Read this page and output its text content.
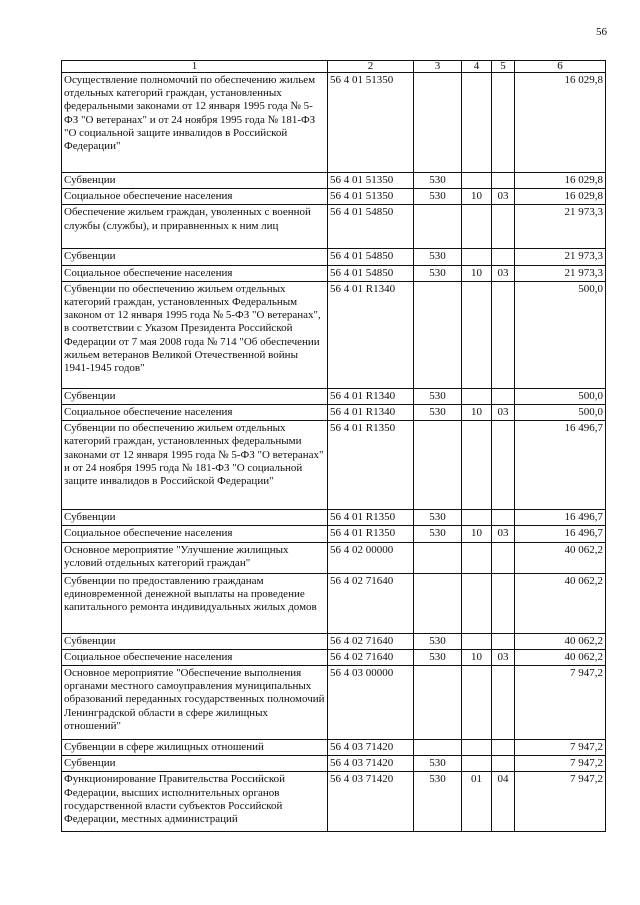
56
1	2	3	4	5	6
Осуществление полномочий по обеспечению жильем отдельных категорий граждан, установленных федеральными законами от 12 января 1995 года № 5-ФЗ "О ветеранах" и от 24 ноября 1995 года № 181-ФЗ "О социальной защите инвалидов в Российской Федерации"	56 4 01 51350				16 029,8
Субвенции	56 4 01 51350	530			16 029,8
Социальное обеспечение населения	56 4 01 51350	530	10	03	16 029,8
Обеспечение жильем граждан, уволенных с военной службы (службы), и приравненных к ним лиц	56 4 01 54850				21 973,3
Субвенции	56 4 01 54850	530			21 973,3
Социальное обеспечение населения	56 4 01 54850	530	10	03	21 973,3
Субвенции по обеспечению жильем отдельных категорий граждан, установленных Федеральным законом от 12 января 1995 года № 5-ФЗ "О ветеранах", в соответствии с Указом Президента Российской Федерации от 7 мая 2008 года № 714 "Об обеспечении жильем ветеранов Великой Отечественной войны 1941-1945 годов"	56 4 01 R1340				500,0
Субвенции	56 4 01 R1340	530			500,0
Социальное обеспечение населения	56 4 01 R1340	530	10	03	500,0
Субвенции по обеспечению жильем отдельных категорий граждан, установленных федеральными законами от 12 января 1995 года № 5-ФЗ "О ветеранах" и от 24 ноября 1995 года № 181-ФЗ "О социальной защите инвалидов в Российской Федерации"	56 4 01 R1350				16 496,7
Субвенции	56 4 01 R1350	530			16 496,7
Социальное обеспечение населения	56 4 01 R1350	530	10	03	16 496,7
Основное мероприятие "Улучшение жилищных условий отдельных категорий граждан"	56 4 02 00000				40 062,2
Субвенции по предоставлению гражданам единовременной денежной выплаты на проведение капитального ремонта индивидуальных жилых домов	56 4 02 71640				40 062,2
Субвенции	56 4 02 71640	530			40 062,2
Социальное обеспечение населения	56 4 02 71640	530	10	03	40 062,2
Основное мероприятие "Обеспечение выполнения органами местного самоуправления муниципальных образований переданных государственных полномочий Ленинградской области в сфере жилищных отношений"	56 4 03 00000				7 947,2
Субвенции в сфере жилищных отношений	56 4 03 71420				7 947,2
Субвенции	56 4 03 71420	530			7 947,2
Функционирование Правительства Российской Федерации, высших исполнительных органов государственной власти субъектов Российской Федерации, местных администраций	56 4 03 71420	530	01	04	7 947,2
